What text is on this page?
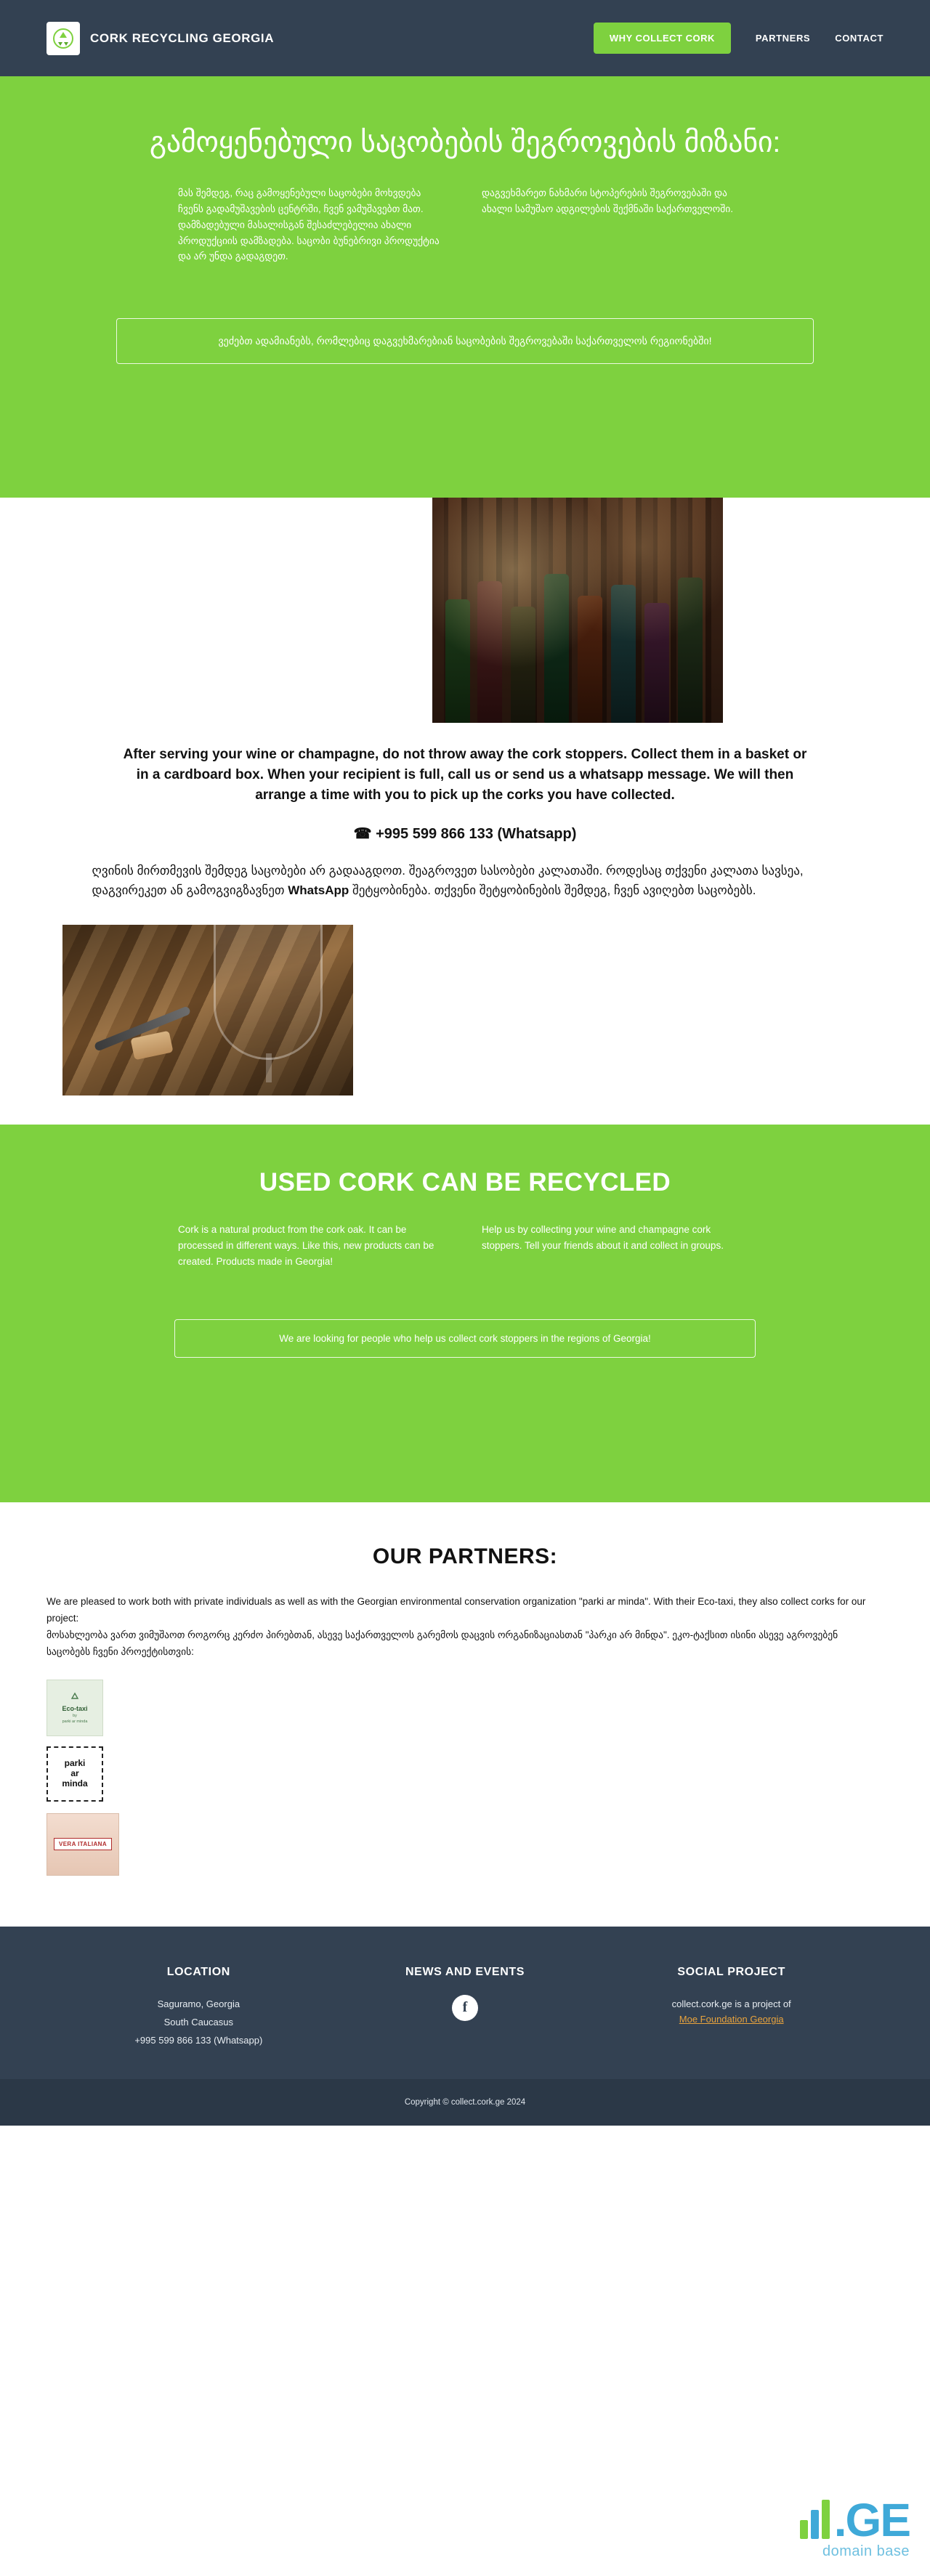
CORK RECYCLING GEORGIA	WHY COLLECT CORK	PARTNERS	CONTACT
გამოყენებული საცობების შეგროვების მიზანი:
მას შემდეგ, რაც გამოყენებული საცობები მოხვდება ჩვენს გადამუშავების ცენტრში, ჩვენ ვამუშავებთ მათ. დამზადებული მასალისგან შესაძლებელია ახალი პროდუქციის დამზადება. საცობი ბუნებრივი პროდუქტია და არ უნდა გადაგდეთ.
დაგვეხმარეთ ნახმარი სტოპერების შეგროვებაში და ახალი სამუშაო ადგილების შექმნაში საქართველოში.
ვეძებთ ადამიანებს, რომლებიც დაგვეხმარებიან საცობების შეგროვებაში საქართველოს რეგიონებში!

After serving your wine or champagne, do not throw away the cork stoppers. Collect them in a basket or in a cardboard box. When your recipient is full, call us or send us a whatsapp message. We will then arrange a time with you to pick up the corks you have collected.

☎ +995 599 866 133 (Whatsapp)

ღვინის მირთმევის შემდეგ საცობები არ გადააგდოთ. შეაგროვეთ სასობები კალათაში. როდესაც თქვენი კალათა სავსეა, დაგვირეკეთ ან გამოგვიგზავნეთ WhatsApp შეტყობინება. თქვენი შეტყობინების შემდეგ, ჩვენ ავიღებთ საცობებს.

USED CORK CAN BE RECYCLED
Cork is a natural product from the cork oak. It can be processed in different ways. Like this, new products can be created. Products made in Georgia!
Help us by collecting your wine and champagne cork stoppers. Tell your friends about it and collect in groups.
We are looking for people who help us collect cork stoppers in the regions of Georgia!
OUR PARTNERS:

We are pleased to work both with private individuals as well as with the Georgian environmental conservation organization "parki ar minda". With their Eco-taxi, they also collect corks for our project:

მოსახლეობა ვართ ვიმუშაოთ როგორც კერძო პირებთან, ასევე საქართველოს გარემოს დაცვის ორგანიზაციასთან "პარკი არ მინდა". ეკო-ტაქსით ისინი ასევე აგროვებენ საცობებს ჩვენი პროექტისთვის:

Eco-taxi
by
parki ar minda
parki
ar
minda
VERA ITALIANA
LOCATION

Saguramo, Georgia

South Caucasus

+995 599 866 133 (Whatsapp)

NEWS AND EVENTS
f
SOCIAL PROJECT

collect.cork.ge is a project of

Moe Foundation Georgia
Copyright © collect.cork.ge 2024
.GE
domain base
